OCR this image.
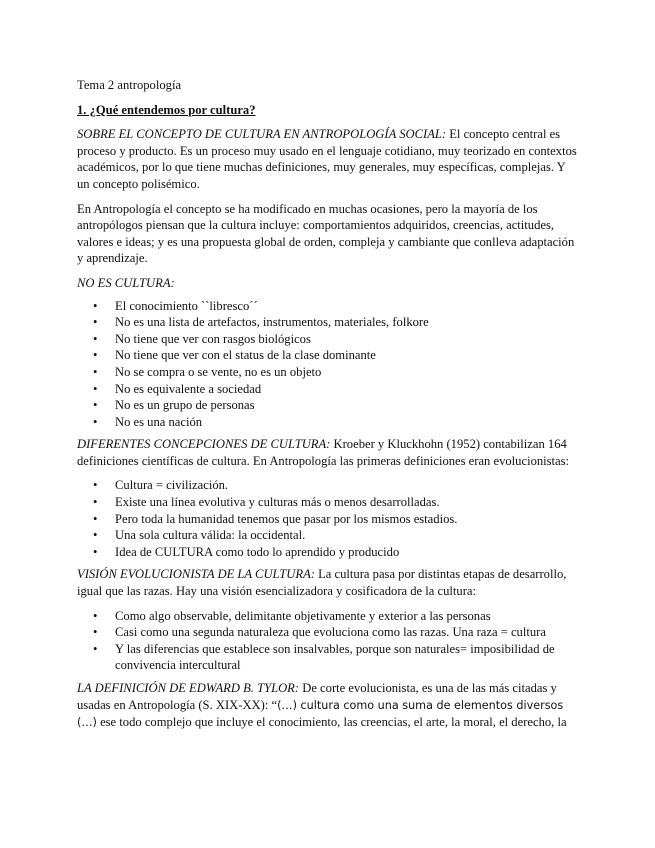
Tema 2 antropología

1. ¿Qué entendemos por cultura?

SOBRE EL CONCEPTO DE CULTURA EN ANTROPOLOGÍA SOCIAL: El concepto central es proceso y producto. Es un proceso muy usado en el lenguaje cotidiano, muy teorizado en contextos académicos, por lo que tiene muchas definiciones, muy generales, muy específicas, complejas. Y un concepto polisémico.

En Antropología el concepto se ha modificado en muchas ocasiones, pero la mayoría de los antropólogos piensan que la cultura incluye: comportamientos adquiridos, creencias, actitudes, valores e ideas; y es una propuesta global de orden, compleja y cambiante que conlleva adaptación y aprendizaje.

NO ES CULTURA:

• El conocimiento ``libresco´´
• No es una lista de artefactos, instrumentos, materiales, folkore
• No tiene que ver con rasgos biológicos
• No tiene que ver con el status de la clase dominante
• No se compra o se vente, no es un objeto
• No es equivalente a sociedad
• No es un grupo de personas
• No es una nación

DIFERENTES CONCEPCIONES DE CULTURA: Kroeber y Kluckhohn (1952) contabilizan 164 definiciones científicas de cultura. En Antropología las primeras definiciones eran evolucionistas:

• Cultura = civilización.
• Existe una línea evolutiva y culturas más o menos desarrolladas.
• Pero toda la humanidad tenemos que pasar por los mismos estadios.
• Una sola cultura válida: la occidental.
• Idea de CULTURA como todo lo aprendido y producido

VISIÓN EVOLUCIONISTA DE LA CULTURA: La cultura pasa por distintas etapas de desarrollo, igual que las razas. Hay una visión esencializadora y cosificadora de la cultura:

• Como algo observable, delimitante objetivamente y exterior a las personas
• Casi como una segunda naturaleza que evoluciona como las razas. Una raza = cultura
• Y las diferencias que establece son insalvables, porque son naturales= imposibilidad de convivencia intercultural

LA DEFINICIÓN DE EDWARD B. TYLOR: De corte evolucionista, es una de las más citadas y usadas en Antropología (S. XIX-XX): “(…) cultura como una suma de elementos diversos (…) ese todo complejo que incluye el conocimiento, las creencias, el arte, la moral, el derecho, la
